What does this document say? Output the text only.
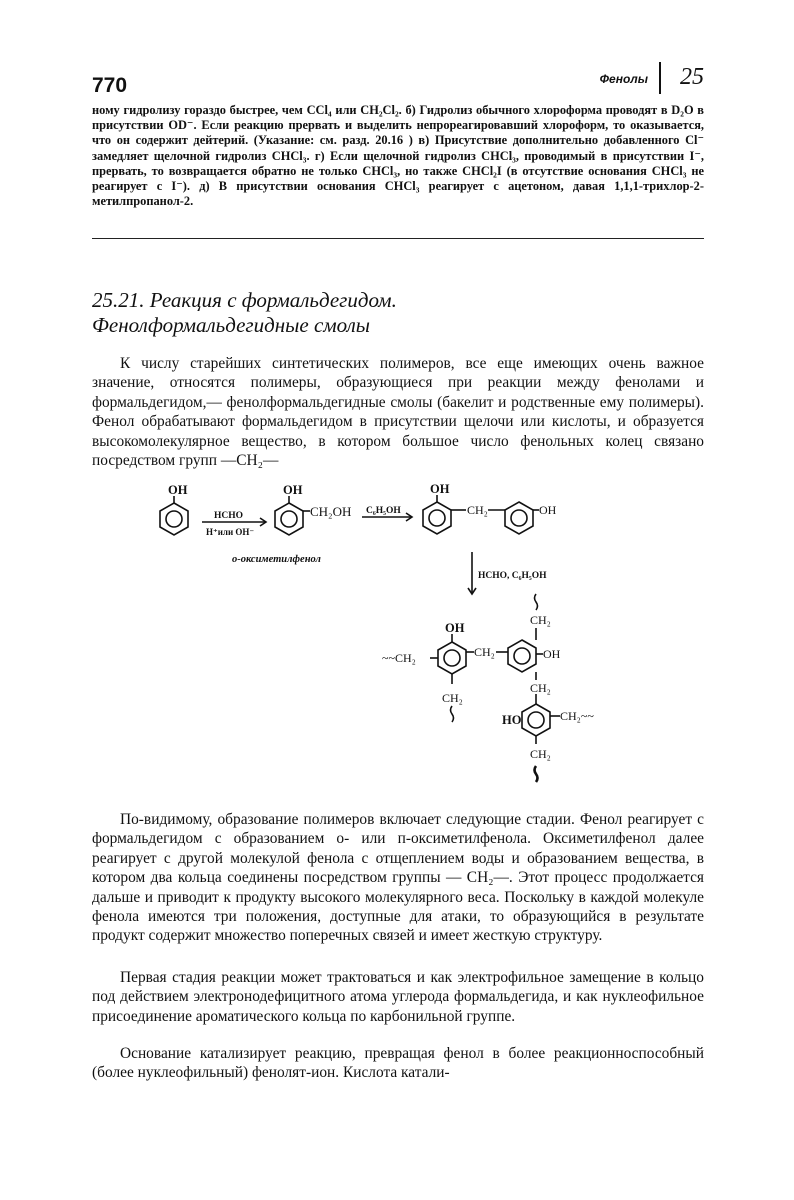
770	Фенолы 25

ному гидролизу гораздо быстрее, чем CCl₄ или CH₂Cl₂. б) Гидролиз обычного хлороформа проводят в D₂O в присутствии OD⁻. Если реакцию прервать и выделить непрореагировавший хлороформ, то оказывается, что он содержит дейтерий. (Указание: см. разд. 20.16 ) в) Присутствие дополнительно добавленного Cl⁻ замедляет щелочной гидролиз CHCl₃. г) Если щелочной гидролиз CHCl₃, проводимый в присутствии I⁻, прервать, то возвращается обратно не только CHCl₃, но также CHCl₂I (в отсутствие основания CHCl₃ не реагирует с I⁻). д) В присутствии основания CHCl₃ реагирует с ацетоном, давая 1,1,1-трихлор-2-метилпропанол-2.

25.21. Реакция с формальдегидом.
Фенолформальдегидные смолы

К числу старейших синтетических полимеров, все еще имеющих очень важное значение, относятся полимеры, образующиеся при реакции между фенолами и формальдегидом,— фенолформальдегидные смолы (бакелит и родственные ему полимеры). Фенол обрабатывают формальдегидом в присутствии щелочи или кислоты, и образуется высокомолекулярное вещество, в котором большое число фенольных колец связано посредством групп —CH₂—

OH
HCHO
H⁺или OH⁻
OH
CH₂OH C₆H₅OH
OH
CH₂	OH
о-оксиметилфенол
HCHO, C₆H₅OH
CH₂
OH
~~CH₂	CH₂	OH
CH₂
CH₂
HO	CH₂~~
CH₂

По-видимому, образование полимеров включает следующие стадии. Фенол реагирует с формальдегидом с образованием о- или п-оксиметилфенола. Оксиметилфенол далее реагирует с другой молекулой фенола с отщеплением воды и образованием вещества, в котором два кольца соединены посредством группы — CH₂—. Этот процесс продолжается дальше и приводит к продукту высокого молекулярного веса. Поскольку в каждой молекуле фенола имеются три положения, доступные для атаки, то образующийся в результате продукт содержит множество поперечных связей и имеет жесткую структуру.

Первая стадия реакции может трактоваться и как электрофильное замещение в кольцо под действием электронодефицитного атома углерода формальдегида, и как нуклеофильное присоединение ароматического кольца по карбонильной группе.

Основание катализирует реакцию, превращая фенол в более реакционноспособный (более нуклеофильный) фенолят-ион. Кислота катали-
